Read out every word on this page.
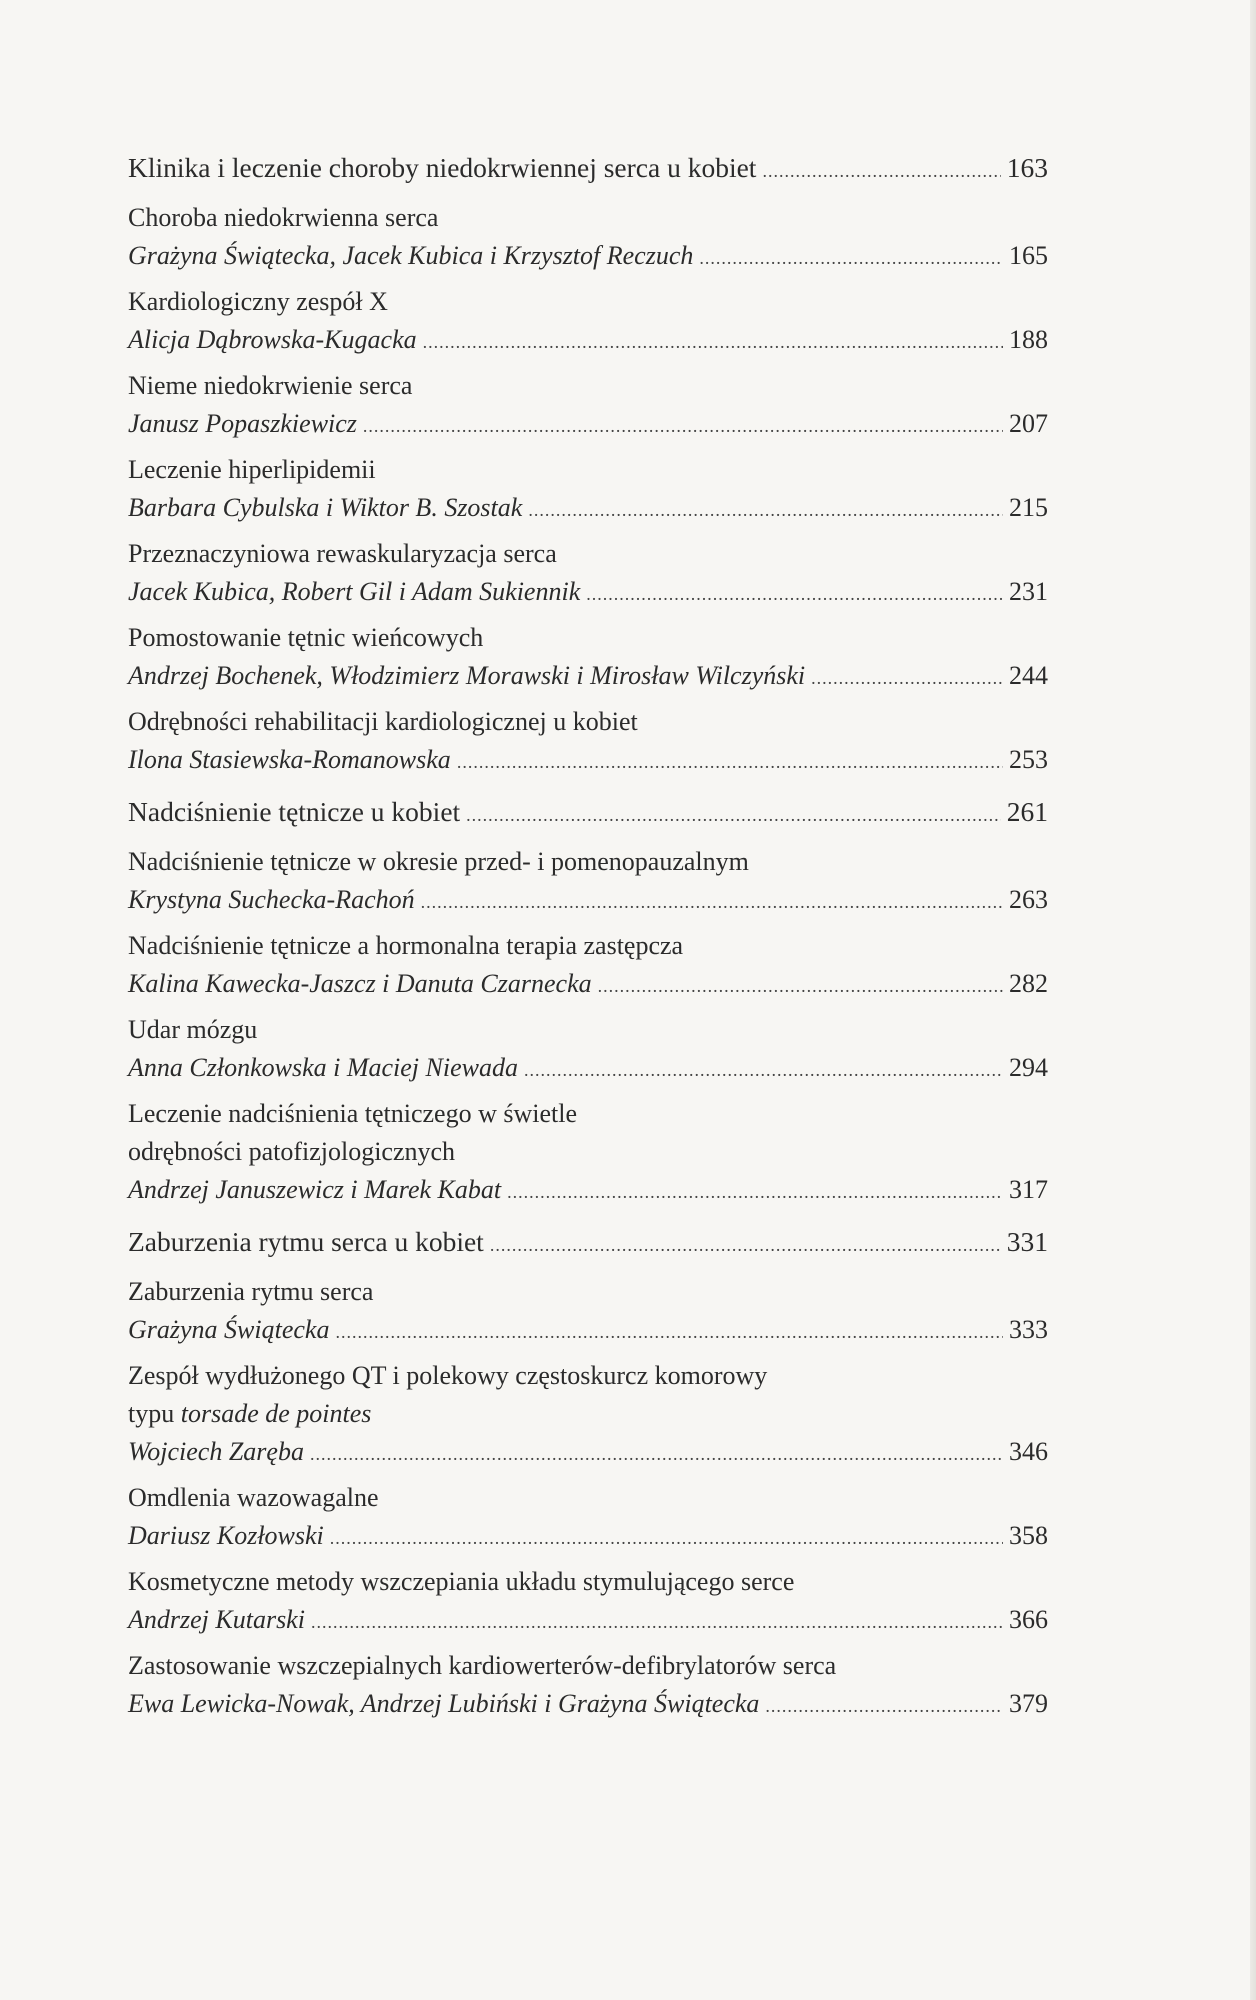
Klinika i leczenie choroby niedokrwiennej serca u kobiet .....	163
Choroba niedokrwienna serca
Grażyna Świątecka, Jacek Kubica i Krzysztof Reczuch .....	165
Kardiologiczny zespół X
Alicja Dąbrowska-Kugacka .....	188
Nieme niedokrwienie serca
Janusz Popaszkiewicz .....	207
Leczenie hiperlipidemii
Barbara Cybulska i Wiktor B. Szostak .....	215
Przeznaczyniowa rewaskularyzacja serca
Jacek Kubica, Robert Gil i Adam Sukiennik .....	231
Pomostowanie tętnic wieńcowych
Andrzej Bochenek, Włodzimierz Morawski i Mirosław Wilczyński .....	244
Odrębności rehabilitacji kardiologicznej u kobiet
Ilona Stasiewska-Romanowska .....	253
Nadciśnienie tętnicze u kobiet .....	261
Nadciśnienie tętnicze w okresie przed- i pomenopauzalnym
Krystyna Suchecka-Rachoń .....	263
Nadciśnienie tętnicze a hormonalna terapia zastępcza
Kalina Kawecka-Jaszcz i Danuta Czarnecka .....	282
Udar mózgu
Anna Członkowska i Maciej Niewada .....	294
Leczenie nadciśnienia tętniczego w świetle
odrębności patofizjologicznych
Andrzej Januszewicz i Marek Kabat .....	317
Zaburzenia rytmu serca u kobiet .....	331
Zaburzenia rytmu serca
Grażyna Świątecka .....	333
Zespół wydłużonego QT i polekowy częstoskurcz komorowy
typu torsade de pointes
Wojciech Zaręba .....	346
Omdlenia wazowagalne
Dariusz Kozłowski .....	358
Kosmetyczne metody wszczepiania układu stymulującego serce
Andrzej Kutarski .....	366
Zastosowanie wszczepialnych kardiowerterów-defibrylatorów serca
Ewa Lewicka-Nowak, Andrzej Lubiński i Grażyna Świątecka .....	379
